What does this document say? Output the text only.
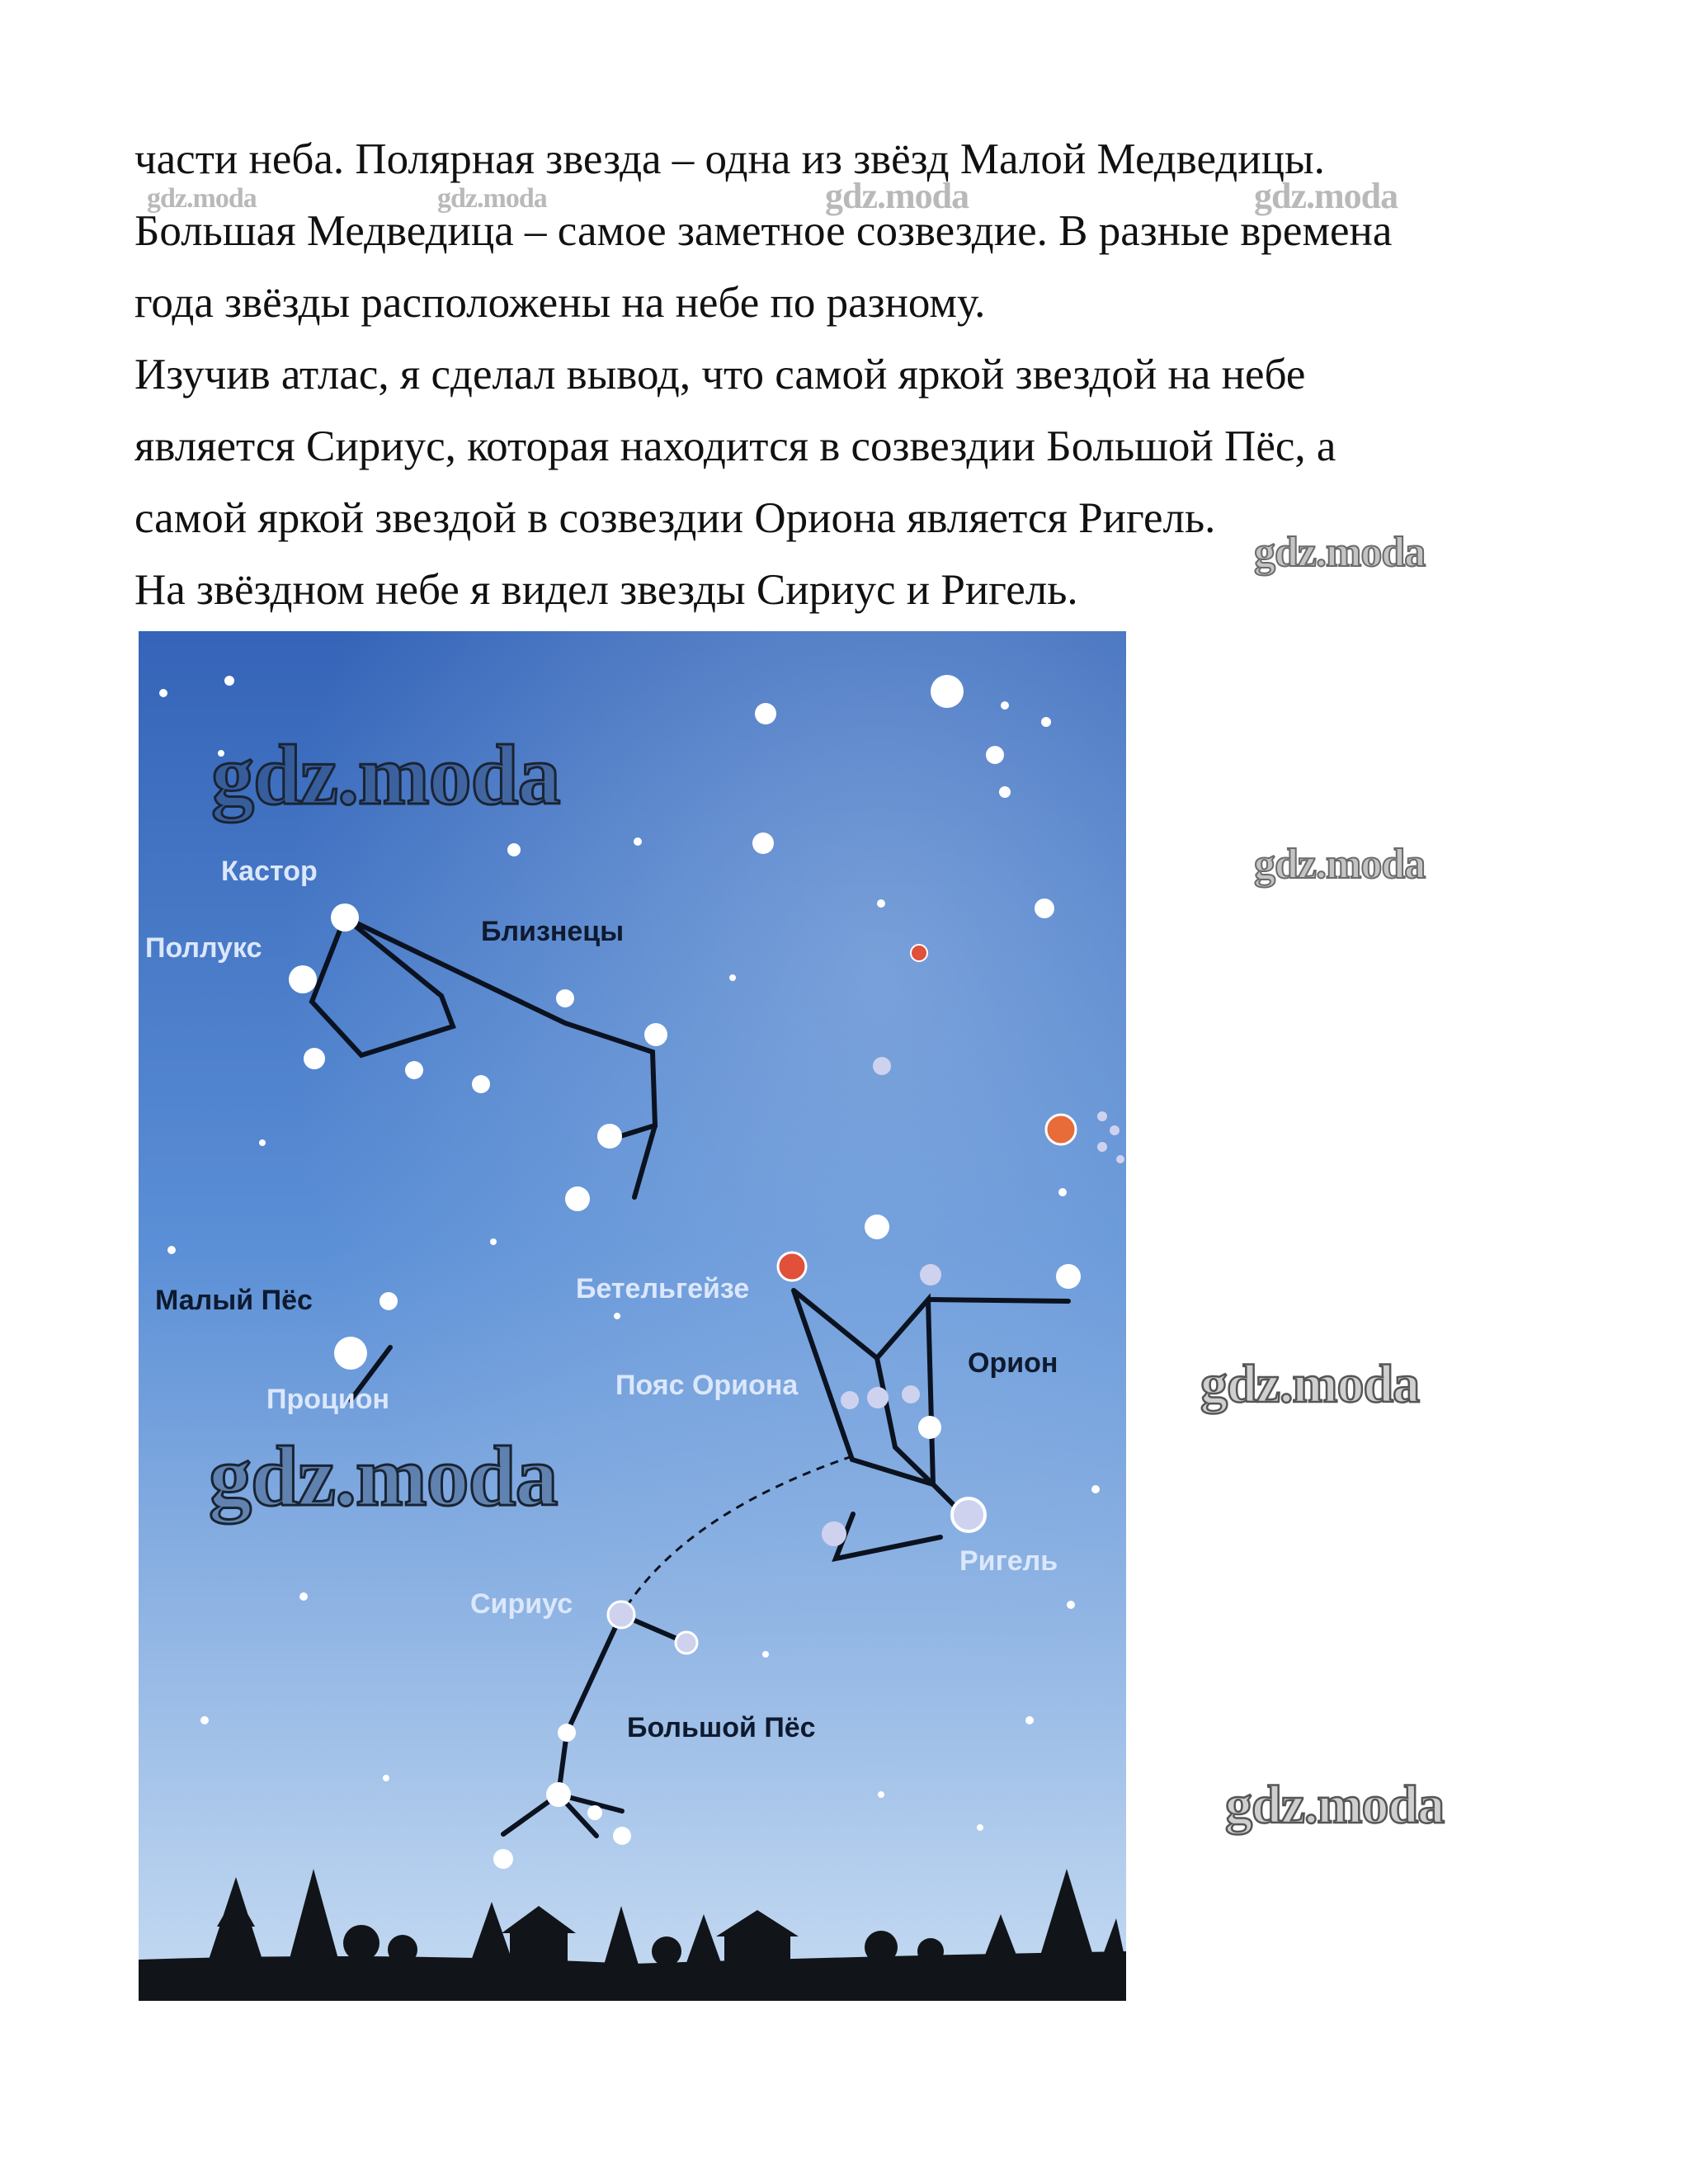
части неба. Полярная звезда – одна из звёзд Малой Медведицы.

Большая Медведица – самое заметное созвездие. В разные времена

года звёзды расположены на небе по разному.

Изучив атлас, я сделал вывод, что самой яркой звездой на небе

является Сириус, которая находится в созвездии Большой Пёс, а

самой яркой звездой в созвездии Ориона является Ригель.

На звёздном небе я видел звезды Сириус и Ригель.

gdz.moda	gdz.moda	gdz.moda	gdz.moda
gdz.moda
gdz.moda
gdz.moda
gdz.moda
Кастор
Поллукс
Близнецы
Малый Пёс
Процион
Бетельгейзе
Пояс Ориона
Орион
Ригель
Сириус
Большой Пёс
gdz.moda
gdz.moda
